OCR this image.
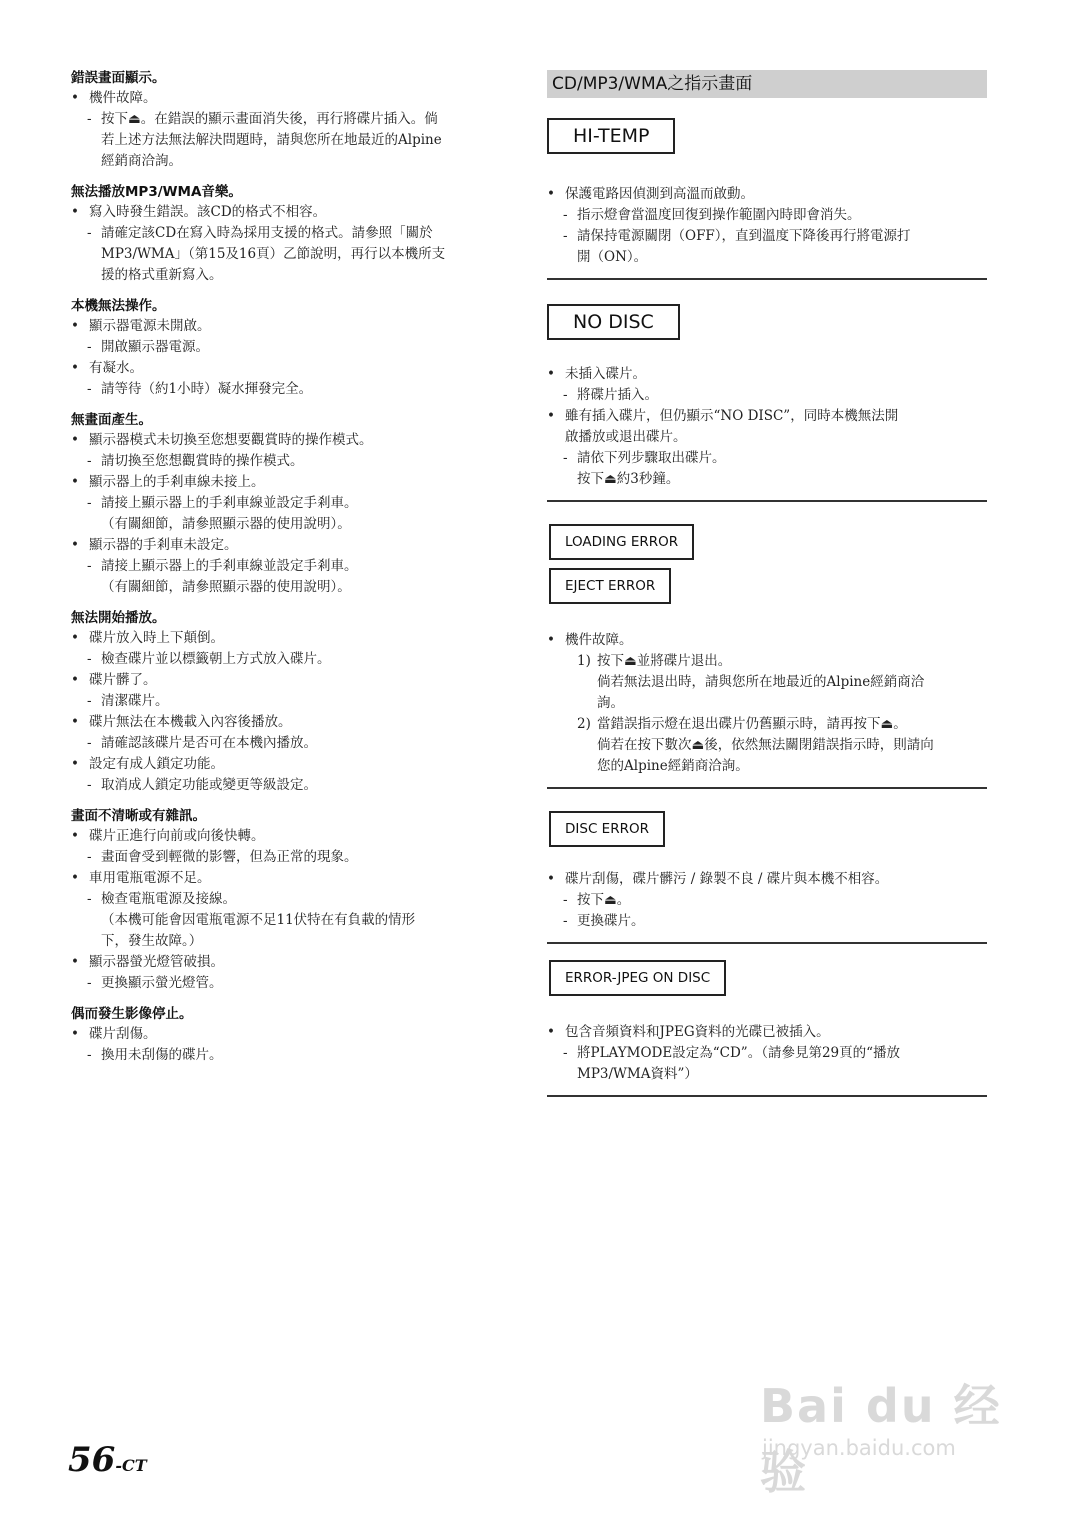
錯誤畫面顯示。
• 機件故障。
- 按下⏏。在錯誤的顯示畫面消失後，再行將碟片插入。倘
若上述方法無法解決問題時，請與您所在地最近的Alpine
經銷商洽詢。
無法播放MP3/WMA音樂。
• 寫入時發生錯誤。該CD的格式不相容。
- 請確定該CD在寫入時為採用支援的格式。請參照「關於
MP3/WMA」（第15及16頁）乙節說明，再行以本機所支
援的格式重新寫入。
本機無法操作。
• 顯示器電源未開啟。
- 開啟顯示器電源。
• 有凝水。
- 請等待（約1小時）凝水揮發完全。
無畫面產生。
• 顯示器模式未切換至您想要觀賞時的操作模式。
- 請切換至您想觀賞時的操作模式。
• 顯示器上的手剎車線未接上。
- 請接上顯示器上的手剎車線並設定手剎車。
（有關細節，請參照顯示器的使用說明）。
• 顯示器的手剎車未設定。
- 請接上顯示器上的手剎車線並設定手剎車。
（有關細節，請參照顯示器的使用說明）。
無法開始播放。
• 碟片放入時上下顛倒。
- 檢查碟片並以標籤朝上方式放入碟片。
• 碟片髒了。
- 清潔碟片。
• 碟片無法在本機載入內容後播放。
- 請確認該碟片是否可在本機內播放。
• 設定有成人鎖定功能。
- 取消成人鎖定功能或變更等級設定。
畫面不清晰或有雜訊。
• 碟片正進行向前或向後快轉。
- 畫面會受到輕微的影響，但為正常的現象。
• 車用電瓶電源不足。
- 檢查電瓶電源及接線。
（本機可能會因電瓶電源不足11伏特在有負載的情形
下，發生故障。）
• 顯示器螢光燈管破損。
- 更換顯示螢光燈管。
偶而發生影像停止。
• 碟片刮傷。
- 換用未刮傷的碟片。
CD/MP3/WMA之指示畫面
HI-TEMP
• 保護電路因偵測到高溫而啟動。
- 指示燈會當溫度回復到操作範圍內時即會消失。
- 請保持電源關閉（OFF），直到溫度下降後再行將電源打
開（ON）。
NO DISC
• 未插入碟片。
- 將碟片插入。
• 雖有插入碟片，但仍顯示“NO DISC”，同時本機無法開
啟播放或退出碟片。
- 請依下列步驟取出碟片。
按下⏏約3秒鐘。
LOADING ERROR
EJECT ERROR
• 機件故障。
1) 按下⏏並將碟片退出。
倘若無法退出時，請與您所在地最近的Alpine經銷商洽
詢。
2) 當錯誤指示燈在退出碟片仍舊顯示時，請再按下⏏。
倘若在按下數次⏏後，依然無法關閉錯誤指示時，則請向
您的Alpine經銷商洽詢。
DISC ERROR
• 碟片刮傷，碟片髒污 / 錄製不良 / 碟片與本機不相容。
- 按下⏏。
- 更換碟片。
ERROR-JPEG ON DISC
• 包含音頻資料和JPEG資料的光碟已被插入。
- 將PLAYMODE設定為“CD”。（請參見第29頁的“播放
MP3/WMA資料”）
56-CT
Bai du 经验
jingyan.baidu.com
